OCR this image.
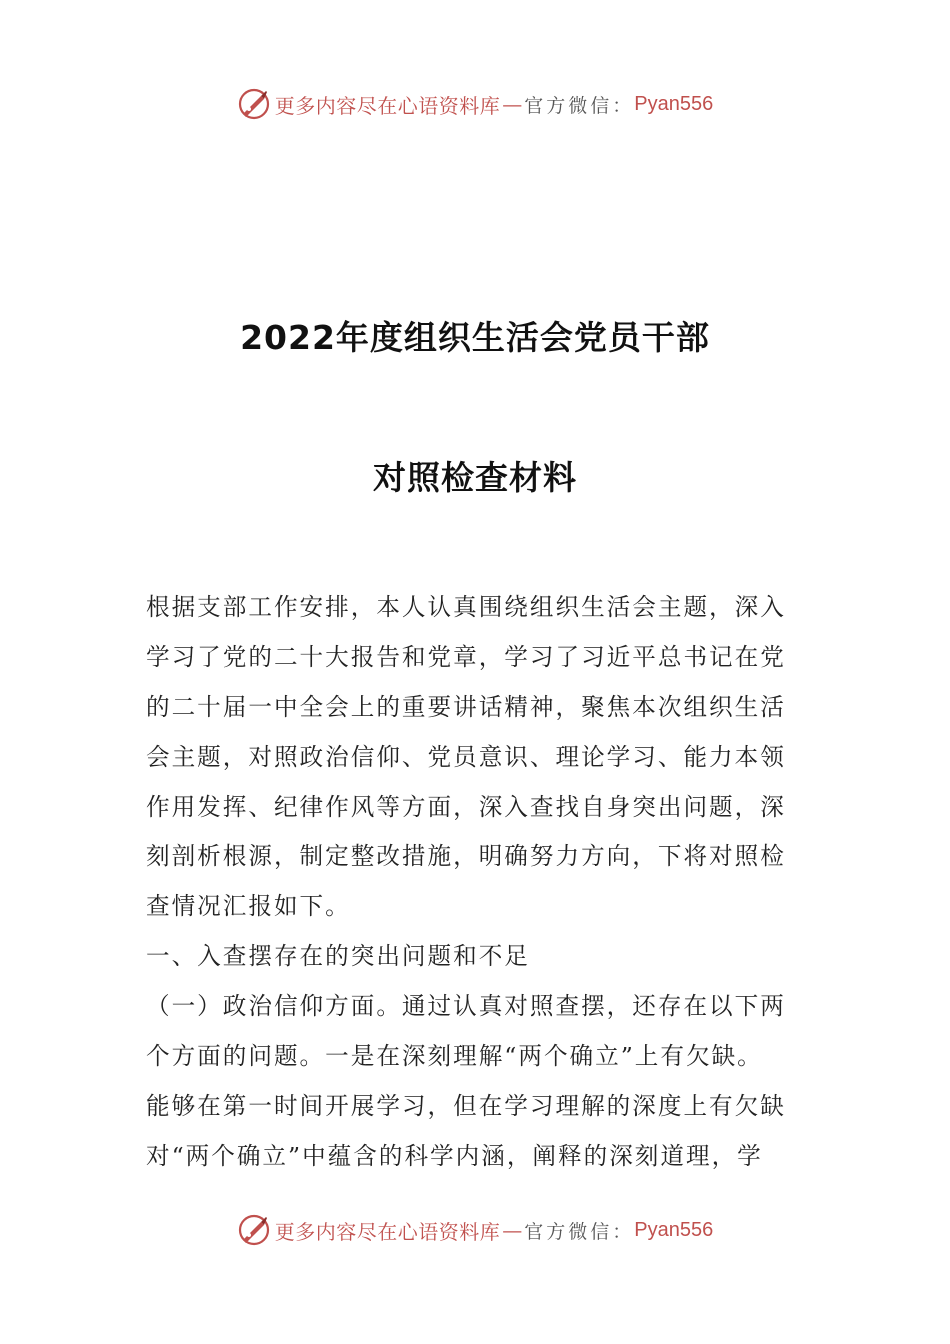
更多内容尽在心语资料库 — 官方微信： Pyan556
2022年度组织生活会党员干部
对照检查材料
根据支部工作安排，本人认真围绕组织生活会主题，深入
学习了党的二十大报告和党章，学习了习近平总书记在党
的二十届一中全会上的重要讲话精神，聚焦本次组织生活
会主题，对照政治信仰、党员意识、理论学习、能力本领
作用发挥、纪律作风等方面，深入查找自身突出问题，深
刻剖析根源，制定整改措施，明确努力方向，下将对照检
查情况汇报如下。
一、入查摆存在的突出问题和不足
（一）政治信仰方面。通过认真对照查摆，还存在以下两
个方面的问题。一是在深刻理解“两个确立”上有欠缺。
能够在第一时间开展学习，但在学习理解的深度上有欠缺
对“两个确立”中蕴含的科学内涵，阐释的深刻道理，学
更多内容尽在心语资料库 — 官方微信： Pyan556
